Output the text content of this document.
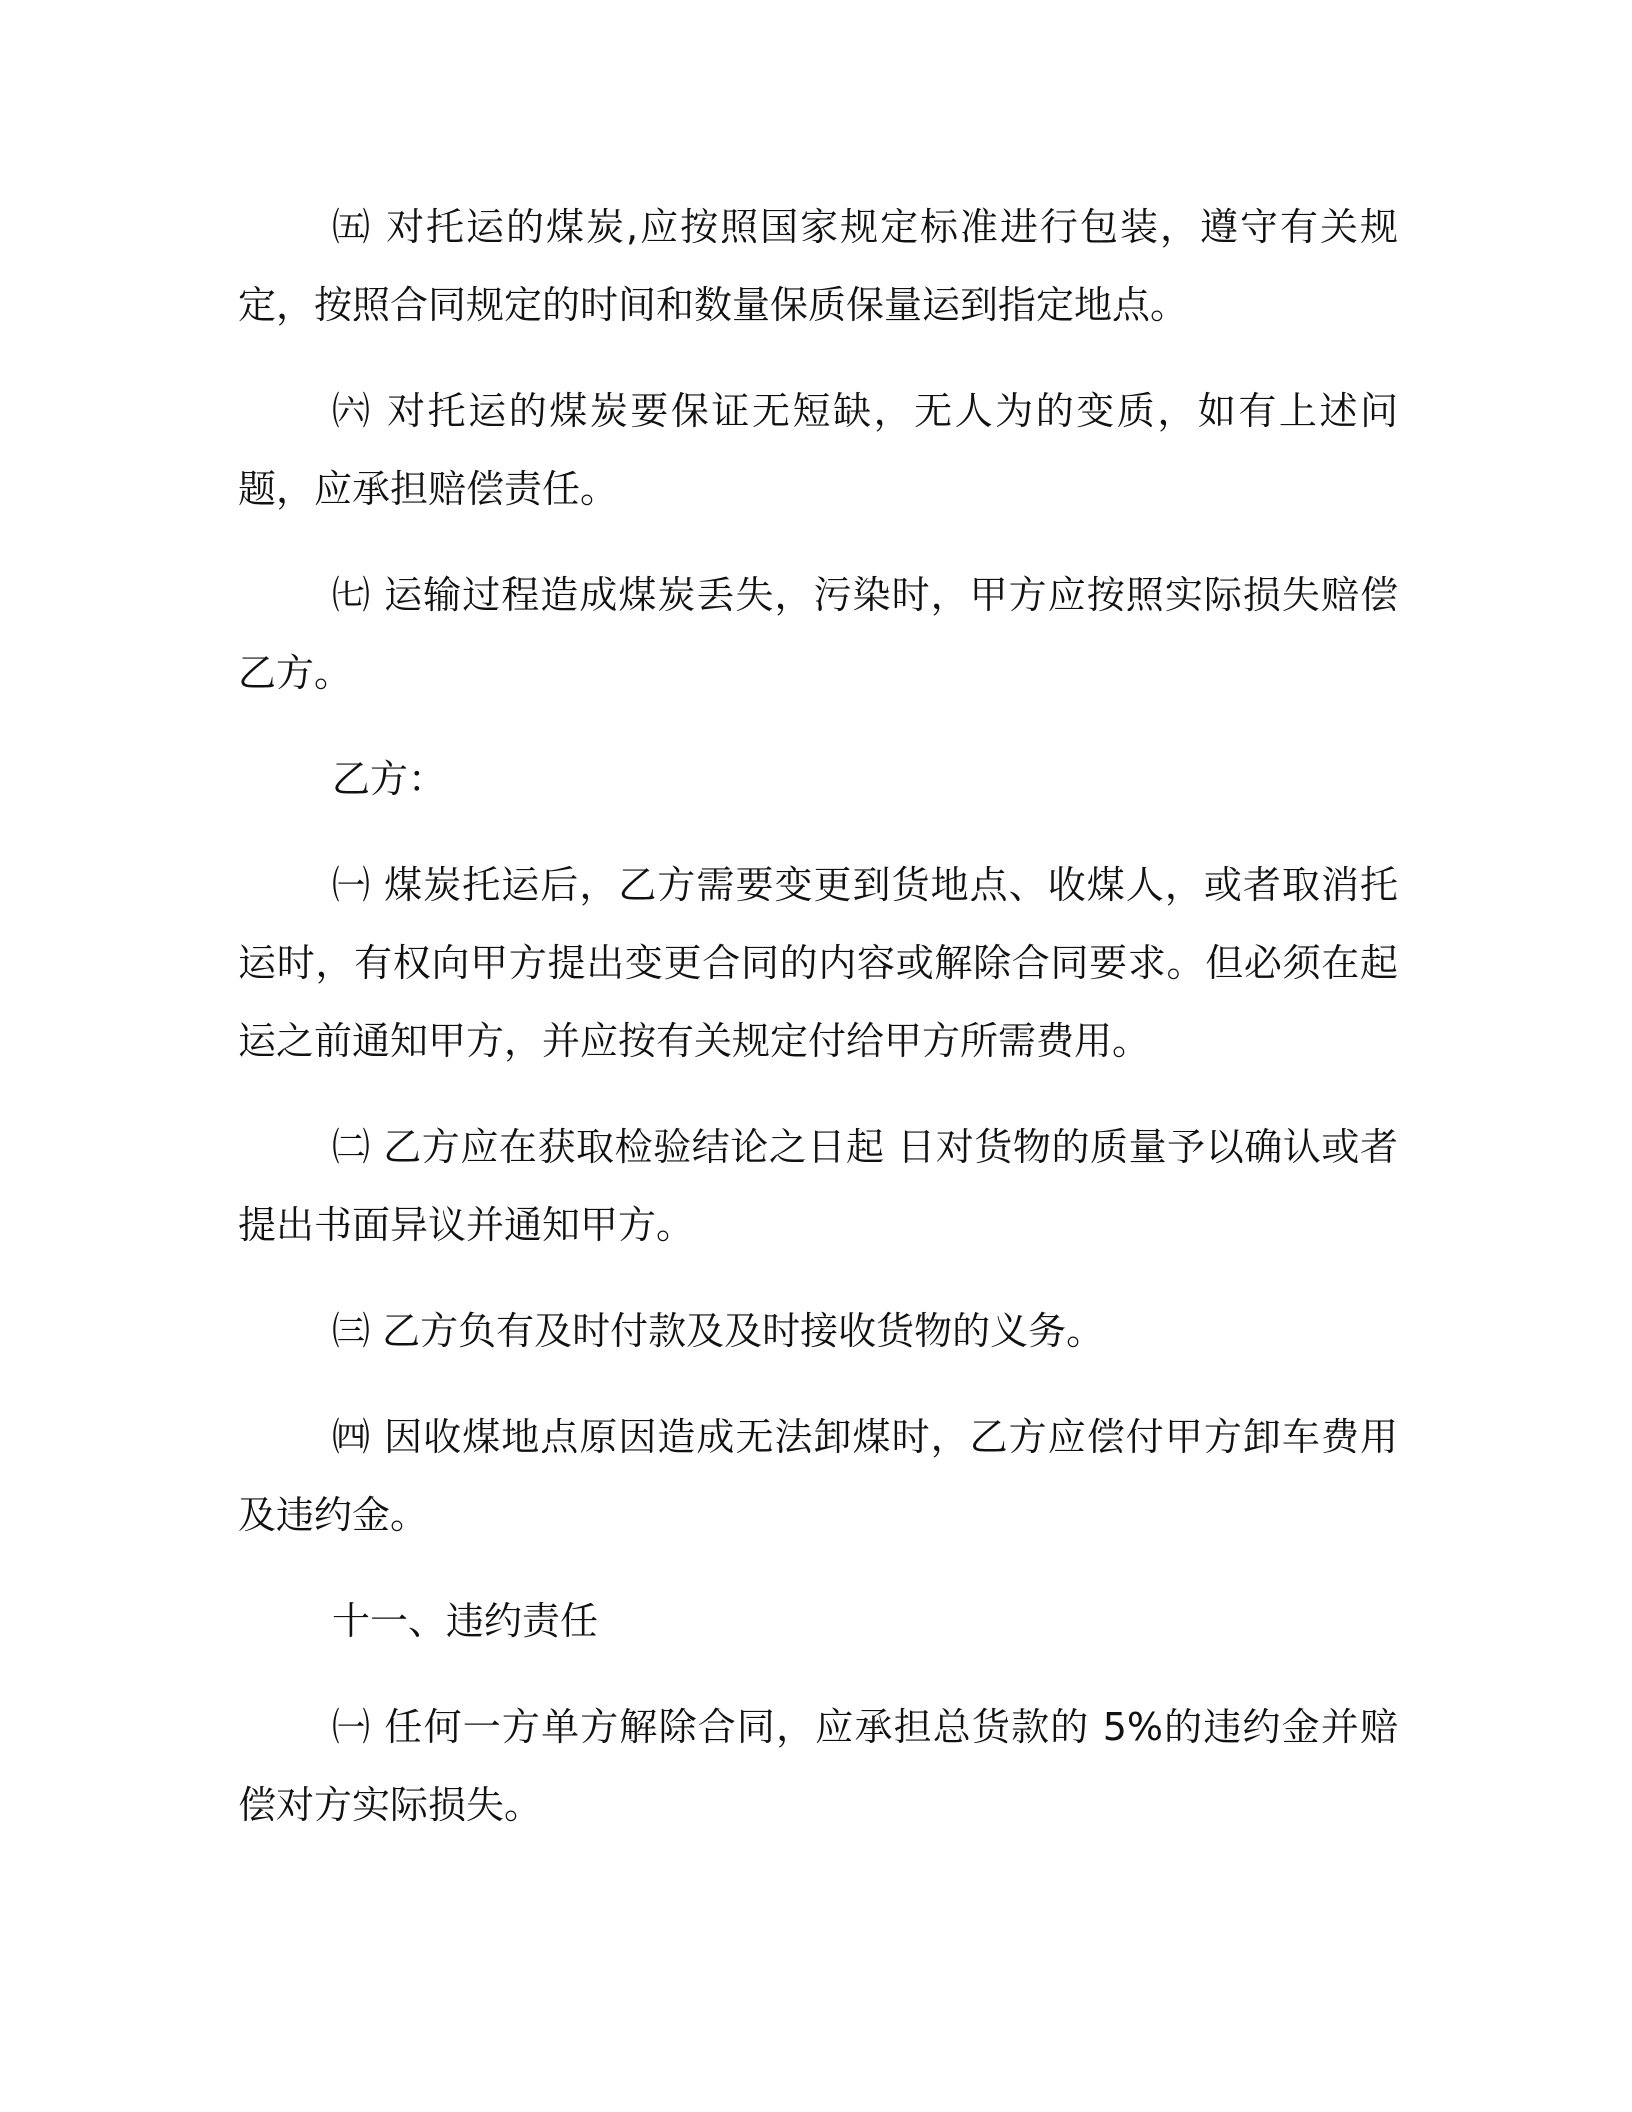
㈤ 对托运的煤炭,应按照国家规定标准进行包装，遵守有关规定，按照合同规定的时间和数量保质保量运到指定地点。

㈥ 对托运的煤炭要保证无短缺，无人为的变质，如有上述问题，应承担赔偿责任。

㈦ 运输过程造成煤炭丢失，污染时，甲方应按照实际损失赔偿乙方。

乙方：

㈠ 煤炭托运后，乙方需要变更到货地点、收煤人，或者取消托运时，有权向甲方提出变更合同的内容或解除合同要求。但必须在起运之前通知甲方，并应按有关规定付给甲方所需费用。

㈡ 乙方应在获取检验结论之日起 日对货物的质量予以确认或者提出书面异议并通知甲方。

㈢ 乙方负有及时付款及及时接收货物的义务。

㈣ 因收煤地点原因造成无法卸煤时，乙方应偿付甲方卸车费用及违约金。

十一、违约责任

㈠ 任何一方单方解除合同，应承担总货款的 5%的违约金并赔偿对方实际损失。
